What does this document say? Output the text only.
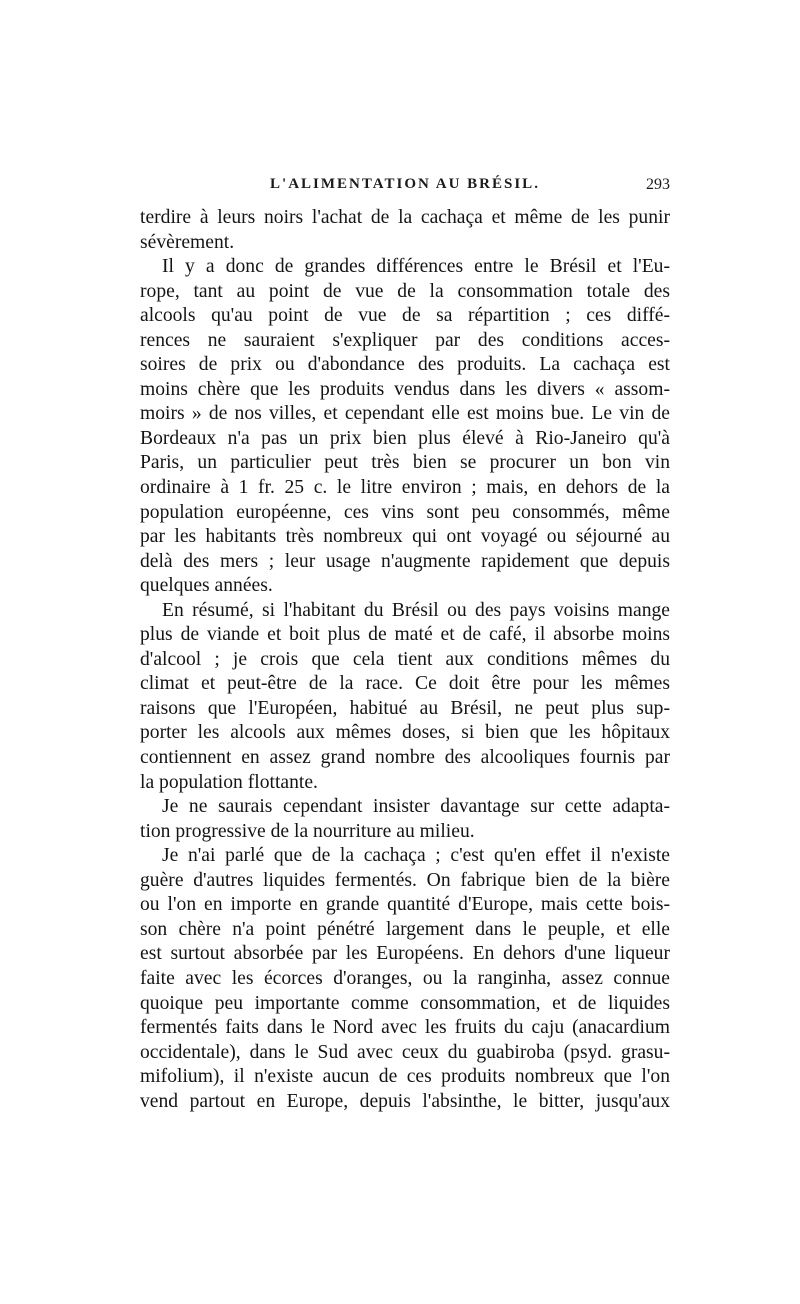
L'ALIMENTATION AU BRÉSIL.	293
terdire à leurs noirs l'achat de la cachaça et même de les punir
sévèrement.
Il y a donc de grandes différences entre le Brésil et l'Eu-
rope, tant au point de vue de la consommation totale des
alcools qu'au point de vue de sa répartition ; ces diffé-
rences ne sauraient s'expliquer par des conditions acces-
soires de prix ou d'abondance des produits. La cachaça est
moins chère que les produits vendus dans les divers « assom-
moirs » de nos villes, et cependant elle est moins bue. Le vin de
Bordeaux n'a pas un prix bien plus élevé à Rio-Janeiro qu'à
Paris, un particulier peut très bien se procurer un bon vin
ordinaire à 1 fr. 25 c. le litre environ ; mais, en dehors de la
population européenne, ces vins sont peu consommés, même
par les habitants très nombreux qui ont voyagé ou séjourné au
delà des mers ; leur usage n'augmente rapidement que depuis
quelques années.
En résumé, si l'habitant du Brésil ou des pays voisins mange
plus de viande et boit plus de maté et de café, il absorbe moins
d'alcool ; je crois que cela tient aux conditions mêmes du
climat et peut-être de la race. Ce doit être pour les mêmes
raisons que l'Européen, habitué au Brésil, ne peut plus sup-
porter les alcools aux mêmes doses, si bien que les hôpitaux
contiennent en assez grand nombre des alcooliques fournis par
la population flottante.
Je ne saurais cependant insister davantage sur cette adapta-
tion progressive de la nourriture au milieu.
Je n'ai parlé que de la cachaça ; c'est qu'en effet il n'existe
guère d'autres liquides fermentés. On fabrique bien de la bière
ou l'on en importe en grande quantité d'Europe, mais cette bois-
son chère n'a point pénétré largement dans le peuple, et elle
est surtout absorbée par les Européens. En dehors d'une liqueur
faite avec les écorces d'oranges, ou la ranginha, assez connue
quoique peu importante comme consommation, et de liquides
fermentés faits dans le Nord avec les fruits du caju (anacardium
occidentale), dans le Sud avec ceux du guabiroba (psyd. grasu-
mifolium), il n'existe aucun de ces produits nombreux que l'on
vend partout en Europe, depuis l'absinthe, le bitter, jusqu'aux
